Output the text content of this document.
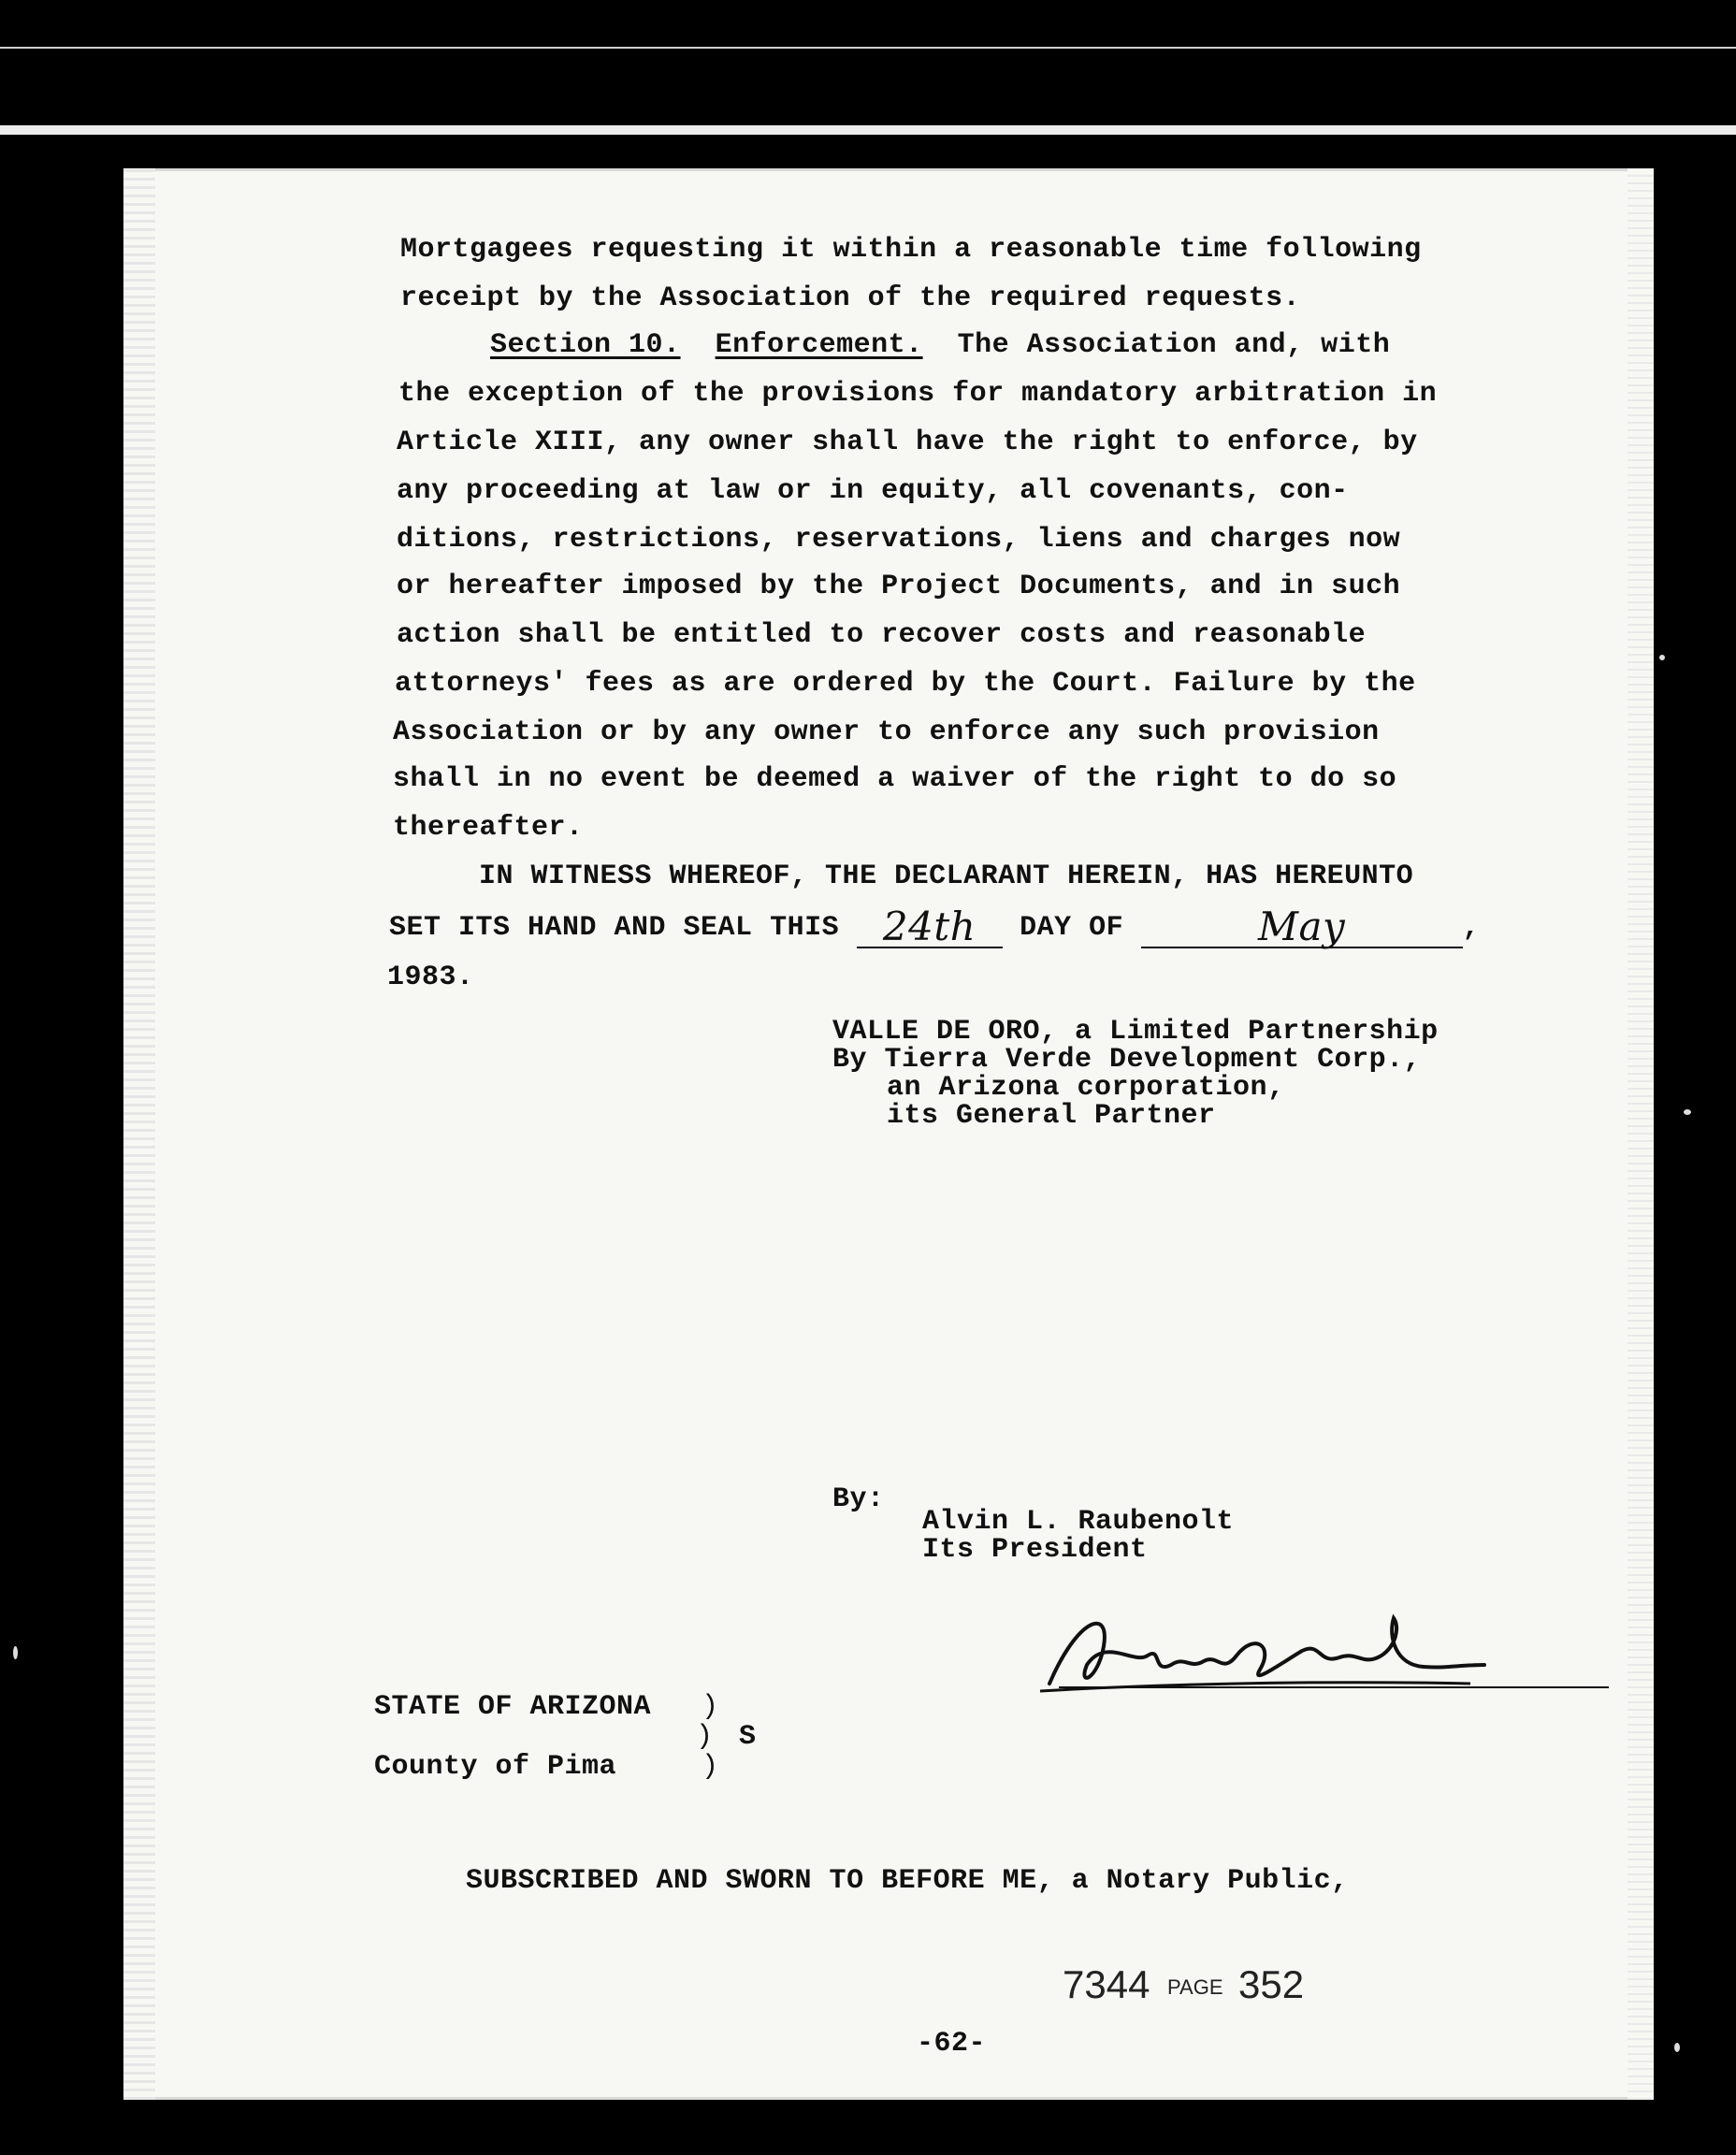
Mortgagees requesting it within a reasonable time following
receipt by the Association of the required requests.
Section 10. Enforcement. The Association and, with
the exception of the provisions for mandatory arbitration in
Article XIII, any owner shall have the right to enforce, by
any proceeding at law or in equity, all covenants, con-
ditions, restrictions, reservations, liens and charges now
or hereafter imposed by the Project Documents, and in such
action shall be entitled to recover costs and reasonable
attorneys' fees as are ordered by the Court. Failure by the
Association or by any owner to enforce any such provision
shall in no event be deemed a waiver of the right to do so
thereafter.
IN WITNESS WHEREOF, THE DECLARANT HEREIN, HAS HEREUNTO
SET ITS HAND AND SEAL THIS 24th DAY OF	May	,
1983.
VALLE DE ORO, a Limited Partnership
By Tierra Verde Development Corp.,
an Arizona corporation,
its General Partner
By:
Alvin L. Raubenolt
Its President
STATE OF ARIZONA )
) S
County of Pima	)
SUBSCRIBED AND SWORN TO BEFORE ME, a Notary Public,
7344 PAGE 352
-62-
